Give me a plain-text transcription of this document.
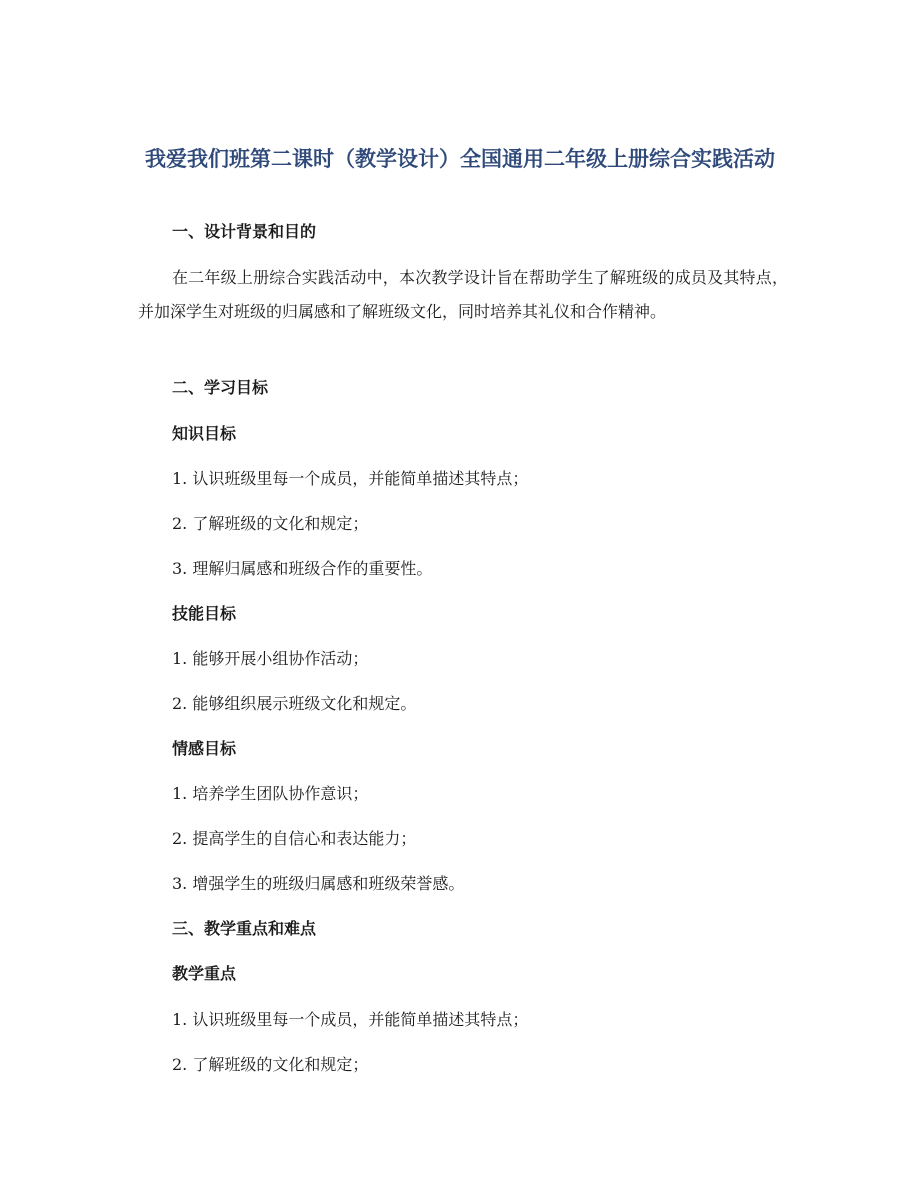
我爱我们班第二课时（教学设计）全国通用二年级上册综合实践活动
一、设计背景和目的

在二年级上册综合实践活动中，本次教学设计旨在帮助学生了解班级的成员及其特点，并加深学生对班级的归属感和了解班级文化，同时培养其礼仪和合作精神。

二、学习目标
知识目标
1. 认识班级里每一个成员，并能简单描述其特点；
2. 了解班级的文化和规定；
3. 理解归属感和班级合作的重要性。
技能目标
1. 能够开展小组协作活动；
2. 能够组织展示班级文化和规定。
情感目标
1. 培养学生团队协作意识；
2. 提高学生的自信心和表达能力；
3. 增强学生的班级归属感和班级荣誉感。
三、教学重点和难点
教学重点
1. 认识班级里每一个成员，并能简单描述其特点；
2. 了解班级的文化和规定；
